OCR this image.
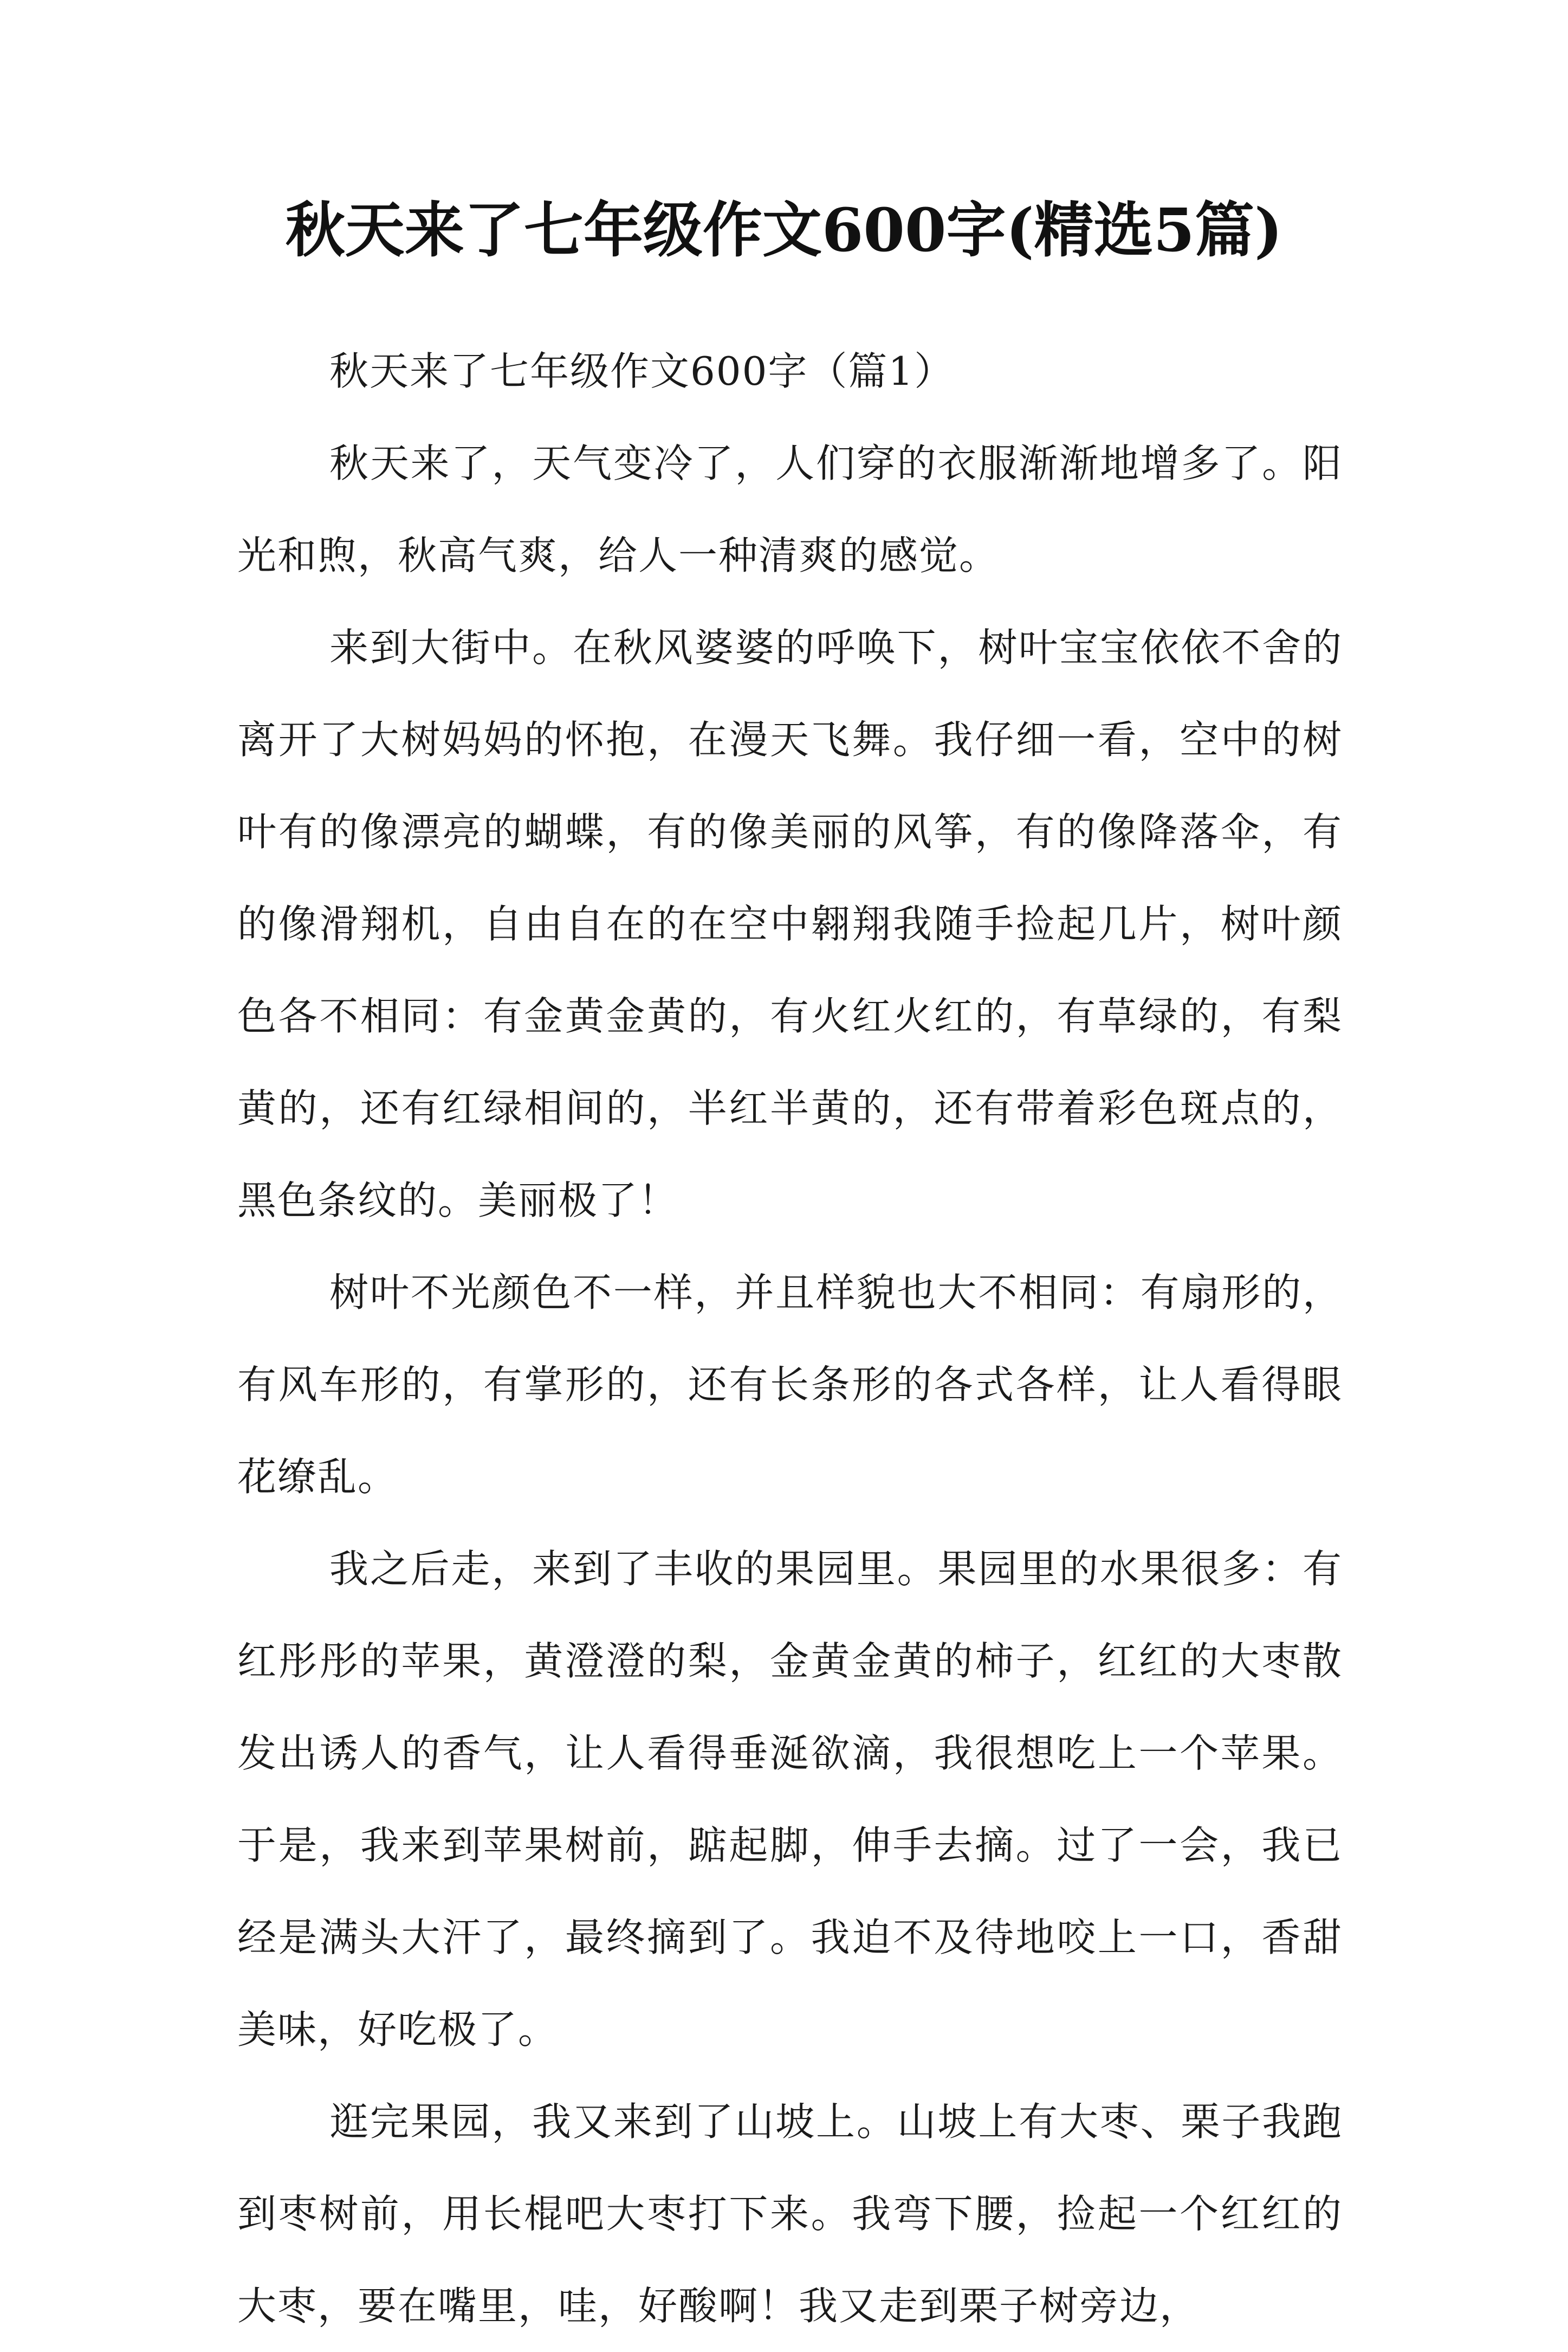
秋天来了七年级作文600字(精选5篇)
秋天来了七年级作文600字（篇1）

秋天来了，天气变冷了，人们穿的衣服渐渐地增多了。阳光和煦，秋高气爽，给人一种清爽的感觉。

来到大街中。在秋风婆婆的呼唤下，树叶宝宝依依不舍的离开了大树妈妈的怀抱，在漫天飞舞。我仔细一看，空中的树叶有的像漂亮的蝴蝶，有的像美丽的风筝，有的像降落伞，有的像滑翔机，自由自在的在空中翱翔我随手捡起几片，树叶颜色各不相同：有金黄金黄的，有火红火红的，有草绿的，有梨黄的，还有红绿相间的，半红半黄的，还有带着彩色斑点的，黑色条纹的。美丽极了！

树叶不光颜色不一样，并且样貌也大不相同：有扇形的，有风车形的，有掌形的，还有长条形的各式各样，让人看得眼花缭乱。

我之后走，来到了丰收的果园里。果园里的水果很多：有红彤彤的苹果，黄澄澄的梨，金黄金黄的柿子，红红的大枣散发出诱人的香气，让人看得垂涎欲滴，我很想吃上一个苹果。于是，我来到苹果树前，踮起脚，伸手去摘。过了一会，我已经是满头大汗了，最终摘到了。我迫不及待地咬上一口，香甜美味，好吃极了。

逛完果园，我又来到了山坡上。山坡上有大枣、栗子我跑到枣树前，用长棍吧大枣打下来。我弯下腰，捡起一个红红的大枣，要在嘴里，哇，好酸啊！我又走到栗子树旁边，
